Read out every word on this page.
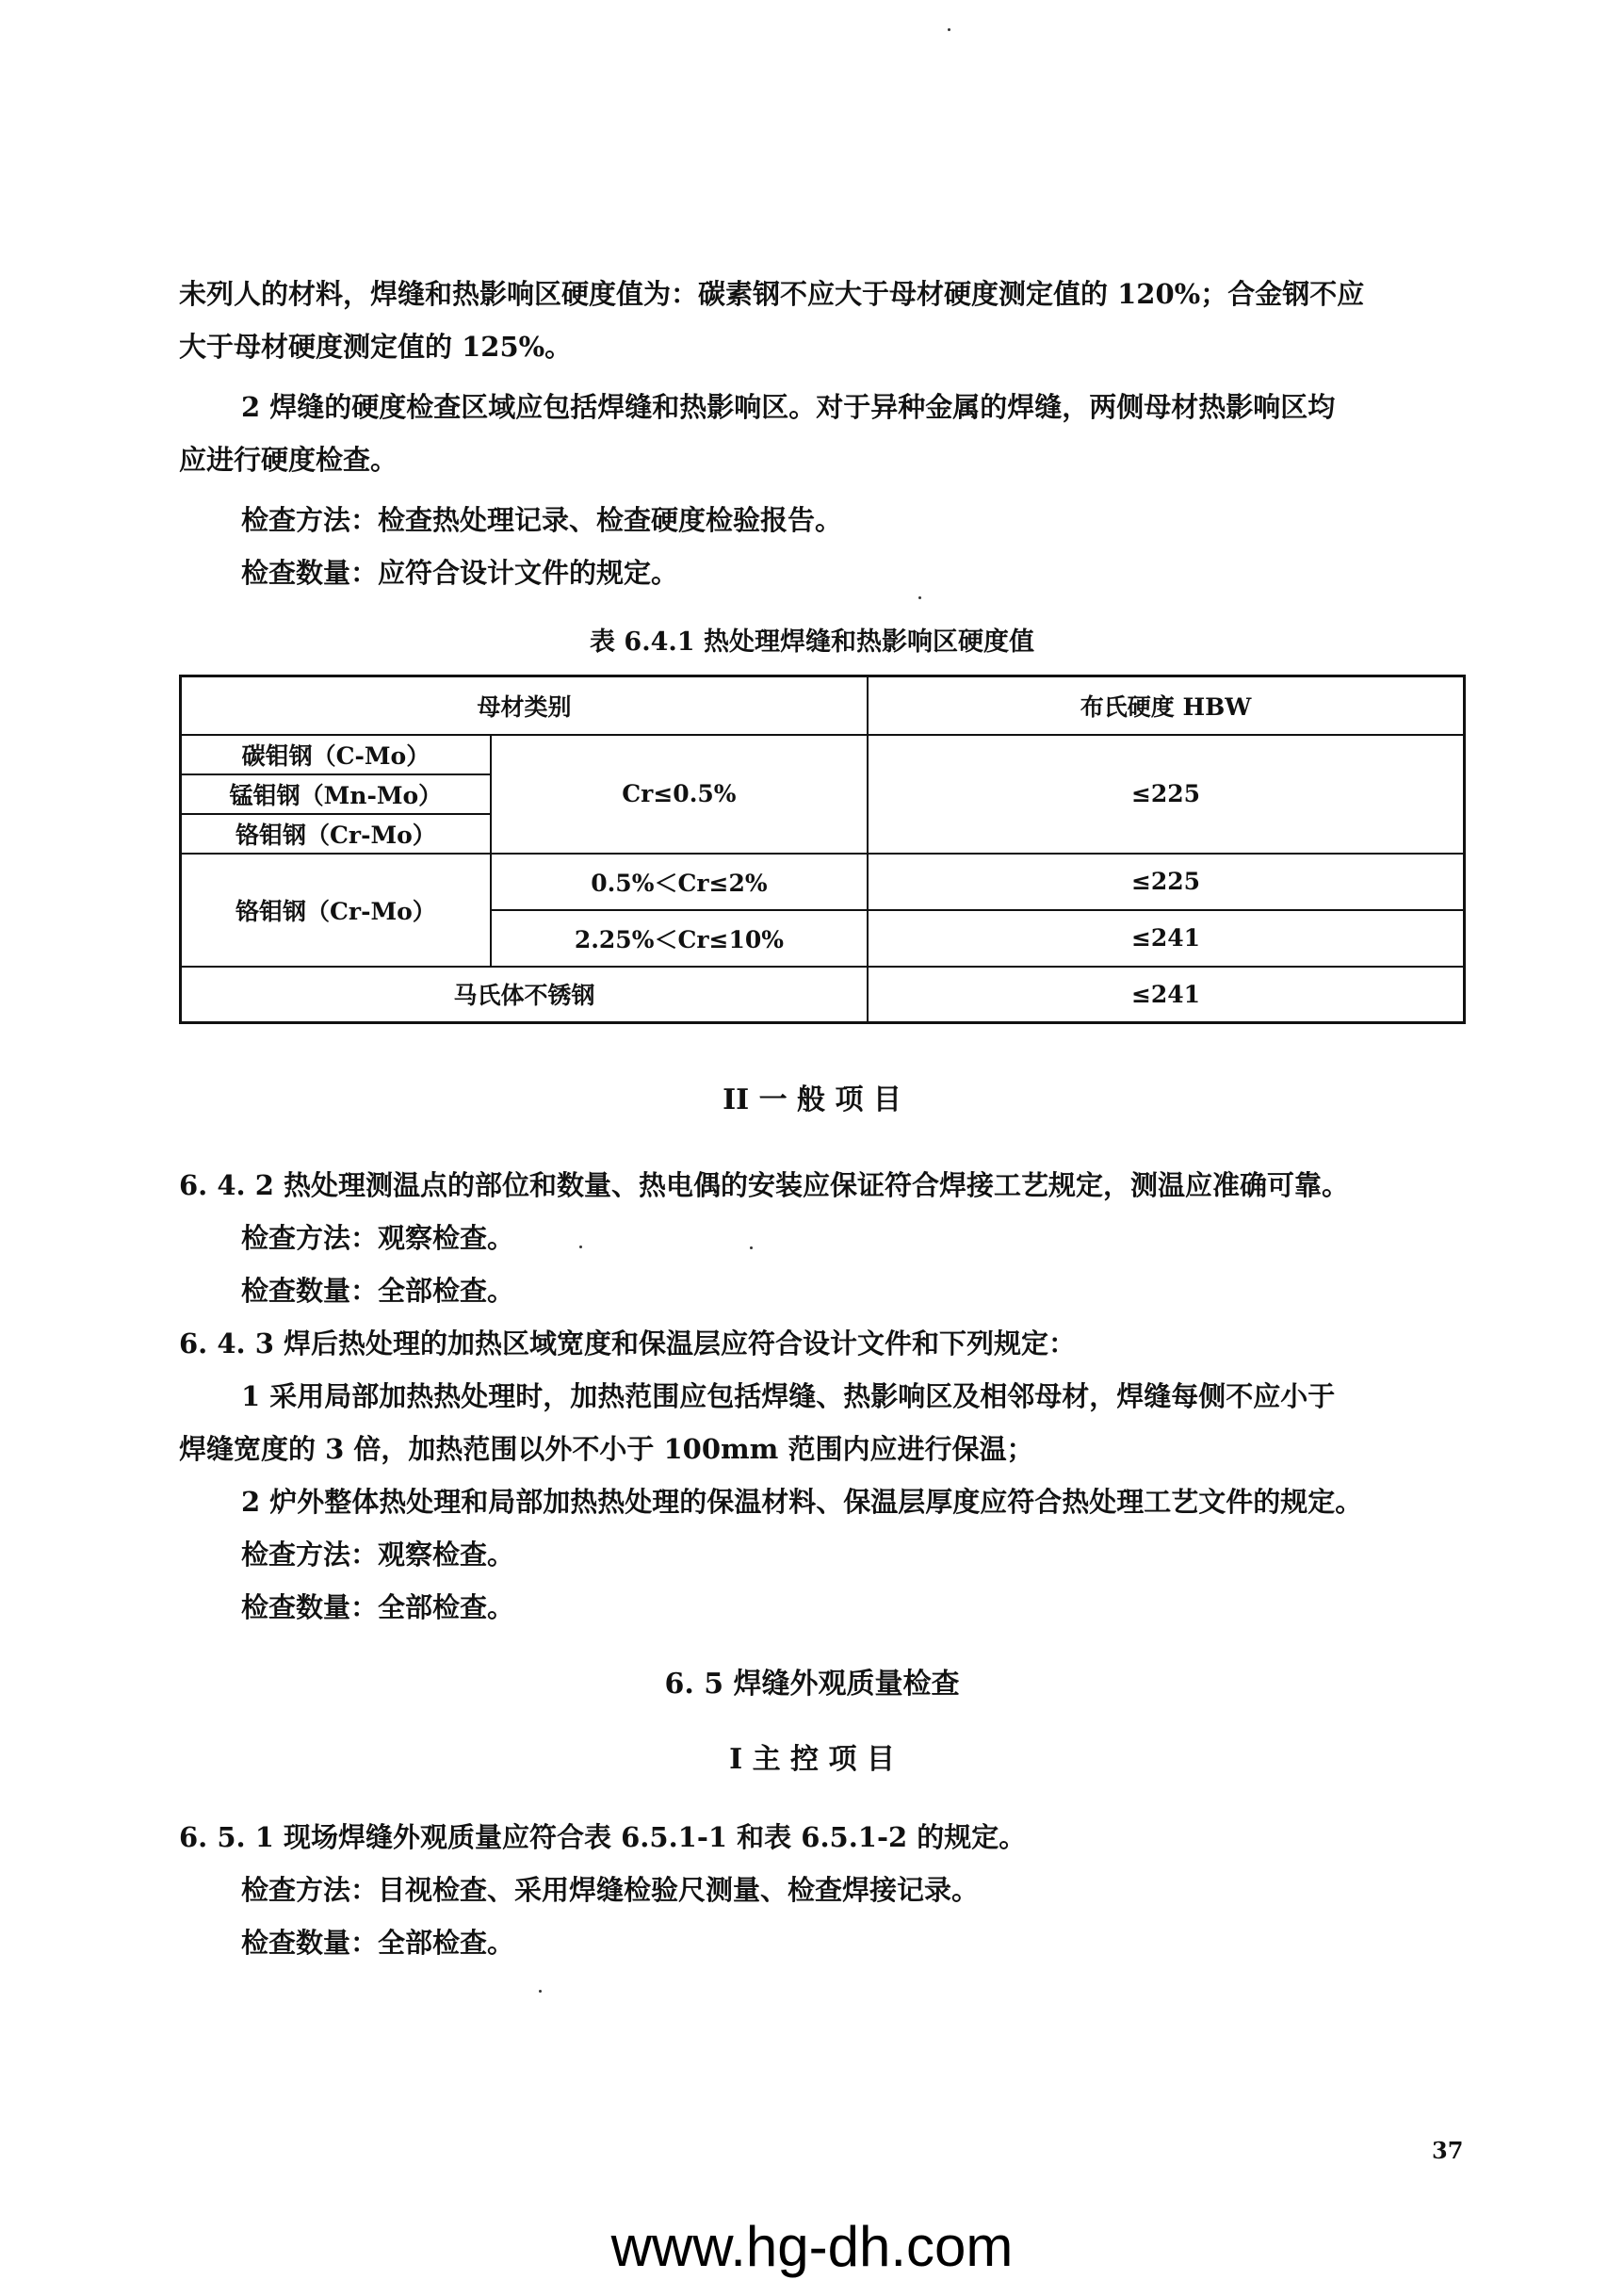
未列人的材料，焊缝和热影响区硬度值为：碳素钢不应大于母材硬度测定值的 120%；合金钢不应
大于母材硬度测定值的 125%。
2 焊缝的硬度检查区域应包括焊缝和热影响区。对于异种金属的焊缝，两侧母材热影响区均
应进行硬度检查。
检查方法：检查热处理记录、检查硬度检验报告。
检查数量：应符合设计文件的规定。
表 6.4.1 热处理焊缝和热影响区硬度值
母材类别		布氏硬度 HBW
碳钼钢（C-Mo）	Cr≤0.5%	≤225
锰钼钢（Mn-Mo）		
铬钼钢（Cr-Mo）		
铬钼钢（Cr-Mo）	0.5%＜Cr≤2%	≤225
	2.25%＜Cr≤10%	≤241
马氏体不锈钢		≤241
II 一 般 项 目
6. 4. 2 热处理测温点的部位和数量、热电偶的安装应保证符合焊接工艺规定，测温应准确可靠。
检查方法：观察检查。
检查数量：全部检查。
6. 4. 3 焊后热处理的加热区域宽度和保温层应符合设计文件和下列规定：
1 采用局部加热热处理时，加热范围应包括焊缝、热影响区及相邻母材，焊缝每侧不应小于
焊缝宽度的 3 倍，加热范围以外不小于 100mm 范围内应进行保温；
2 炉外整体热处理和局部加热热处理的保温材料、保温层厚度应符合热处理工艺文件的规定。
检查方法：观察检查。
检查数量：全部检查。
6. 5 焊缝外观质量检查
I 主 控 项 目
6. 5. 1 现场焊缝外观质量应符合表 6.5.1-1 和表 6.5.1-2 的规定。
检查方法：目视检查、采用焊缝检验尺测量、检查焊接记录。
检查数量：全部检查。
37
www.hg-dh.com
